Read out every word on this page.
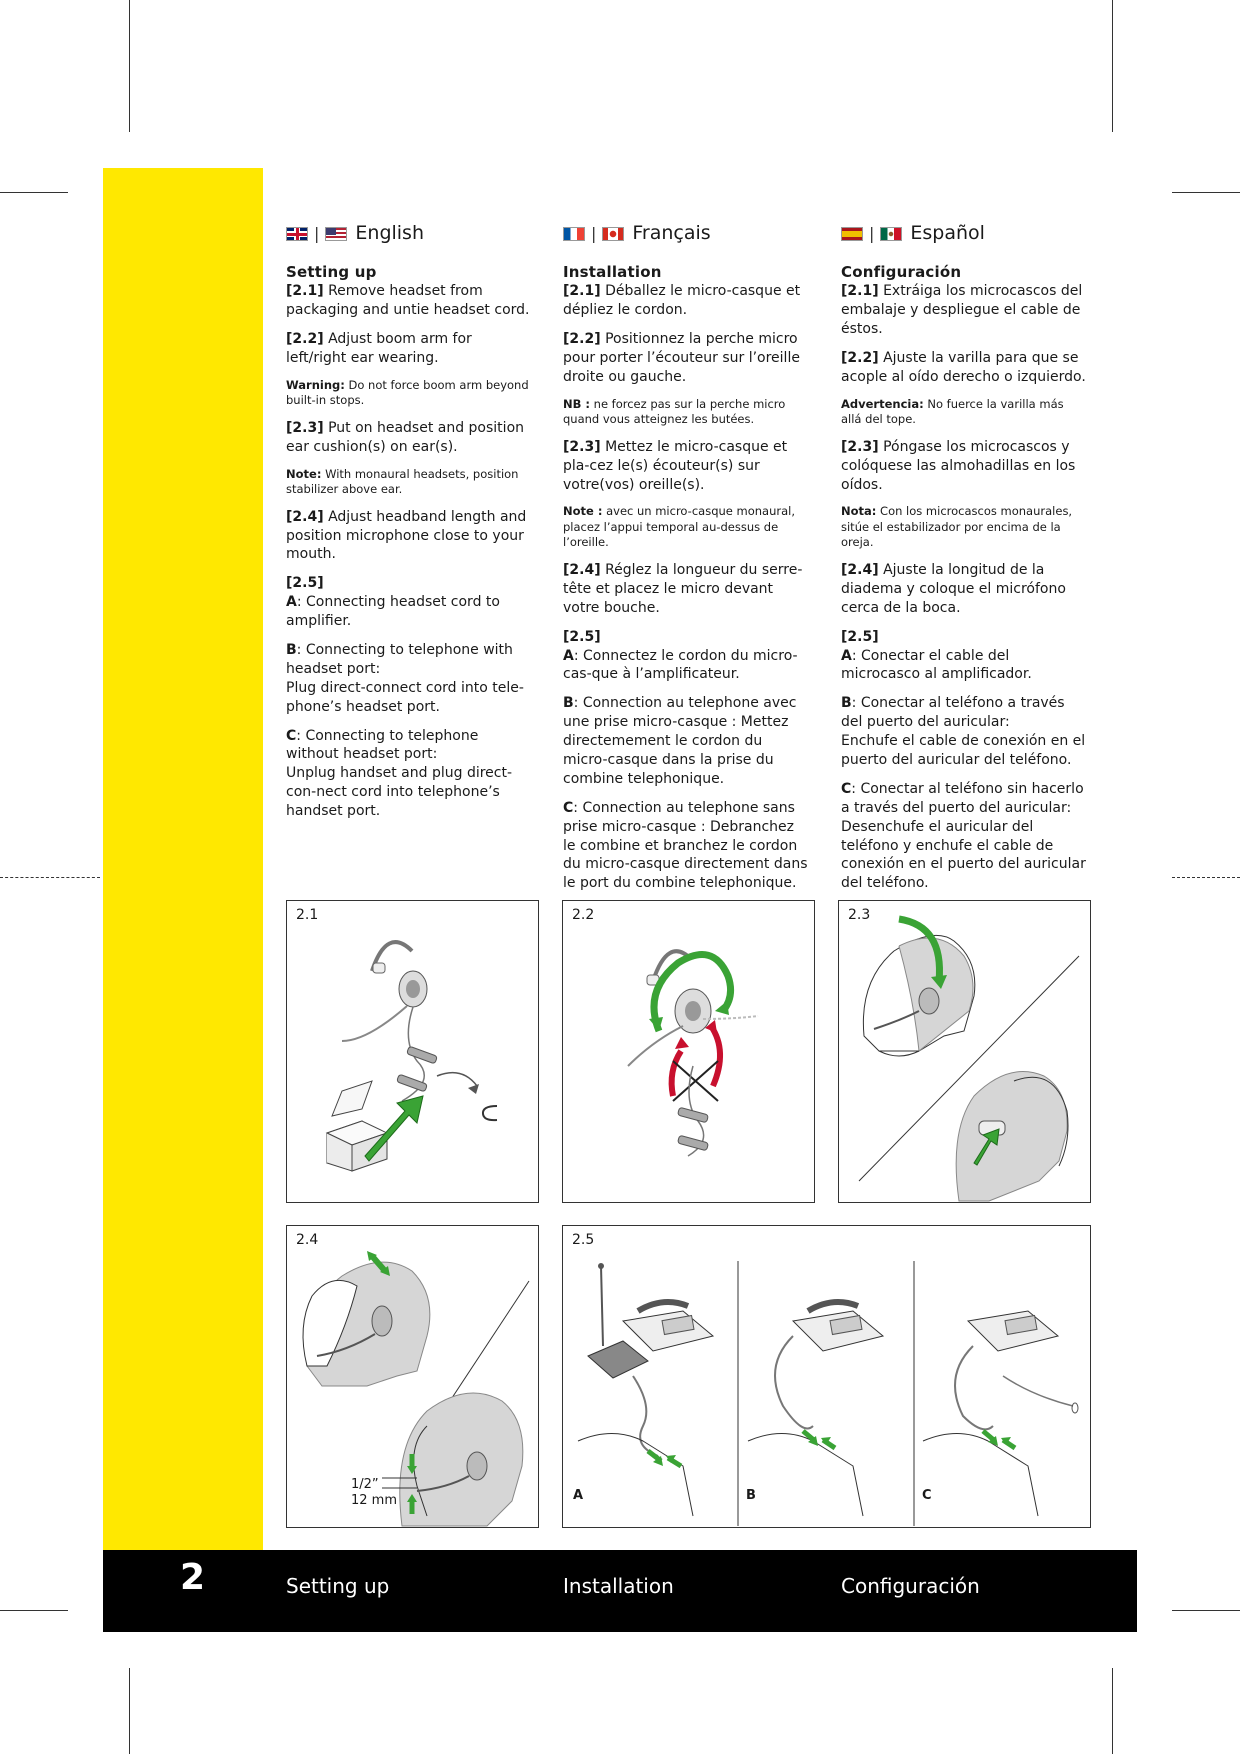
| English
Setting up

[2.1] Remove headset from packaging and untie headset cord.

[2.2] Adjust boom arm for left/right ear wearing.

Warning: Do not force boom arm beyond built-in stops.

[2.3] Put on headset and position ear cushion(s) on ear(s).

Note: With monaural headsets, position stabilizer above ear.

[2.4] Adjust headband length and position microphone close to your mouth.

[2.5]

A: Connecting headset cord to amplifier.

B: Connecting to telephone with headset port:
Plug direct-connect cord into tele-phone’s headset port.

C: Connecting to telephone without headset port:
Unplug handset and plug direct-con-nect cord into telephone’s handset port.

| Français
Installation

[2.1] Déballez le micro-casque et dépliez le cordon.

[2.2] Positionnez la perche micro pour porter l’écouteur sur l’oreille droite ou gauche.

NB : ne forcez pas sur la perche micro quand vous atteignez les butées.

[2.3] Mettez le micro-casque et pla-cez le(s) écouteur(s) sur votre(vos) oreille(s).

Note : avec un micro-casque monaural, placez l’appui temporal au-dessus de l’oreille.

[2.4] Réglez la longueur du serre-tête et placez le micro devant votre bouche.

[2.5]

A: Connectez le cordon du micro-cas-que à l’amplificateur.

B: Connection au telephone avec une prise micro-casque : Mettez directemement le cordon du micro-casque dans la prise du combine telephonique.

C: Connection au telephone sans prise micro-casque : Debranchez le combine et branchez le cordon du micro-casque directement dans le port du combine telephonique.

| Español
Configuración

[2.1] Extráiga los microcascos del embalaje y despliegue el cable de éstos.

[2.2] Ajuste la varilla para que se acople al oído derecho o izquierdo.

Advertencia: No fuerce la varilla más allá del tope.

[2.3] Póngase los microcascos y colóquese las almohadillas en los oídos.

Nota: Con los microcascos monaurales, sitúe el estabilizador por encima de la oreja.

[2.4] Ajuste la longitud de la diadema y coloque el micrófono cerca de la boca.

[2.5]

A: Conectar el cable del microcasco al amplificador.

B: Conectar al teléfono a través del puerto del auricular:
Enchufe el cable de conexión en el puerto del auricular del teléfono.

C: Conectar al teléfono sin hacerlo a través del puerto del auricular:
Desenchufe el auricular del teléfono y enchufe el cable de conexión en el puerto del auricular del teléfono.

2.1	2.2	2.3
2.4
1/2”
12 mm
2.5
A	B	C
2	Setting up	Installation	Configuración
